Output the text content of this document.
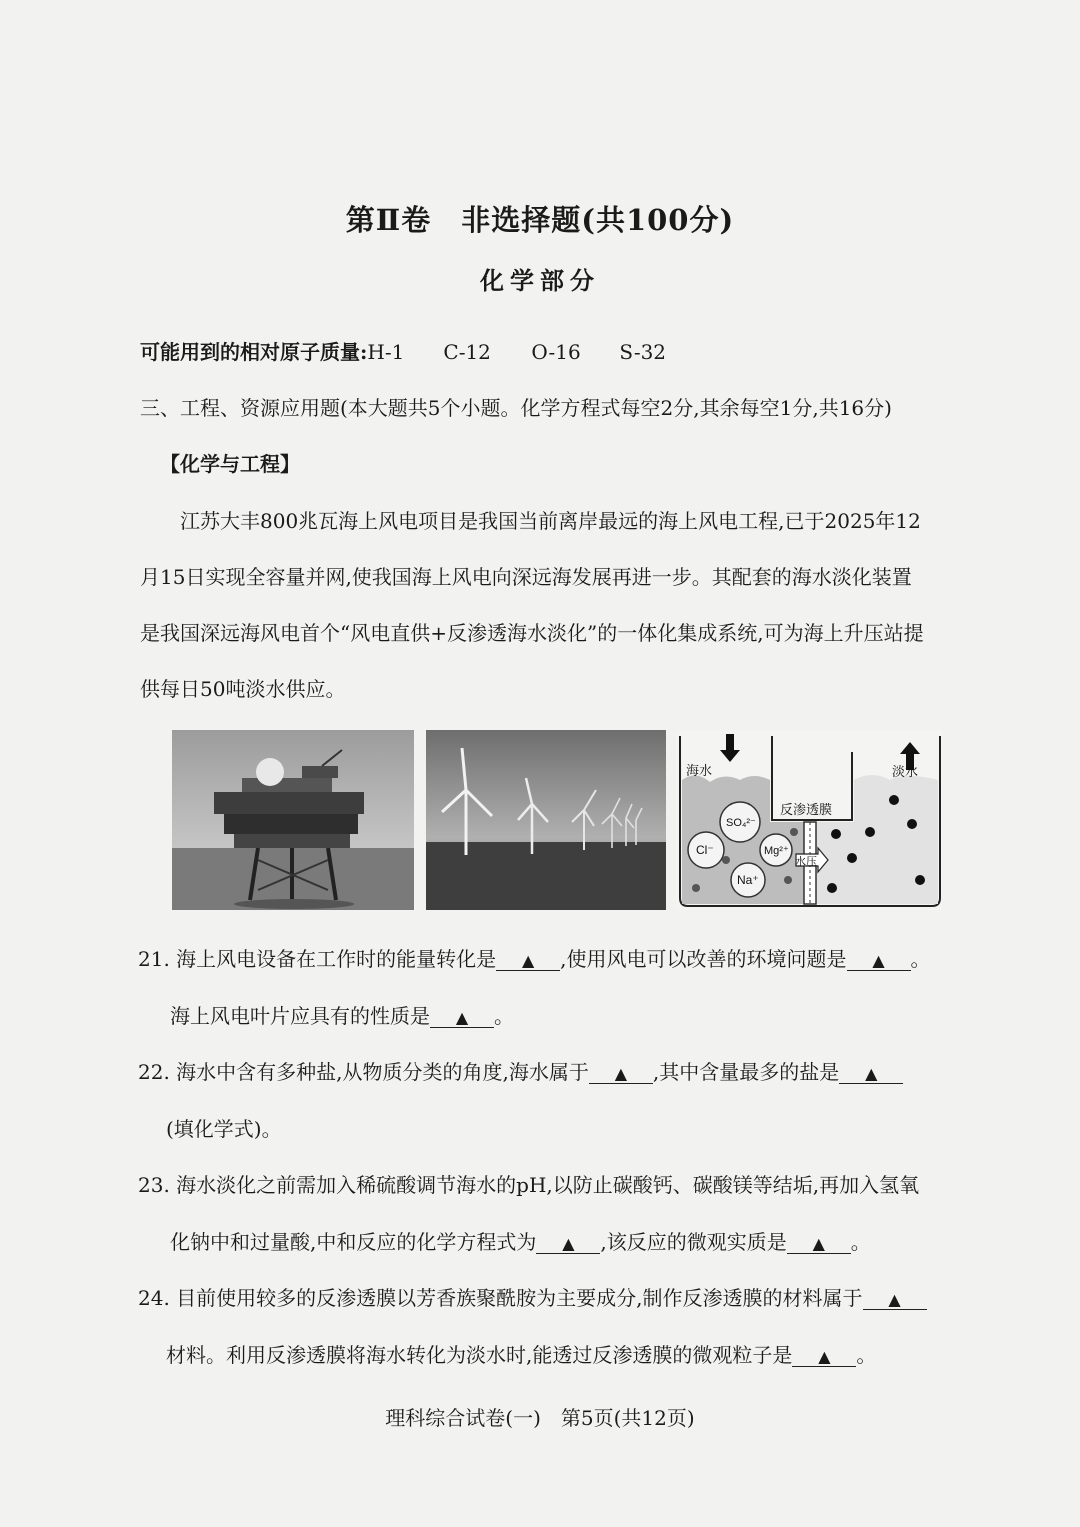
第Ⅱ卷　非选择题(共100分)
化学部分
可能用到的相对原子质量:H-1 C-12 O-16 S-32
三、工程、资源应用题(本大题共5个小题。化学方程式每空2分,其余每空1分,共16分)
【化学与工程】
江苏大丰800兆瓦海上风电项目是我国当前离岸最远的海上风电工程,已于2025年12
月15日实现全容量并网,使我国海上风电向深远海发展再进一步。其配套的海水淡化装置
是我国深远海风电首个“风电直供+反渗透海水淡化”的一体化集成系统,可为海上升压站提
供每日50吨淡水供应。
海水	淡水
反渗透膜
水压
SO₄²⁻
Cl⁻	Mg²⁺
Na⁺
21. 海上风电设备在工作时的能量转化是 ▲ ,使用风电可以改善的环境问题是 ▲ 。
海上风电叶片应具有的性质是 ▲ 。
22. 海水中含有多种盐,从物质分类的角度,海水属于 ▲ ,其中含量最多的盐是 ▲
(填化学式)。
23. 海水淡化之前需加入稀硫酸调节海水的pH,以防止碳酸钙、碳酸镁等结垢,再加入氢氧
化钠中和过量酸,中和反应的化学方程式为 ▲ ,该反应的微观实质是 ▲ 。
24. 目前使用较多的反渗透膜以芳香族聚酰胺为主要成分,制作反渗透膜的材料属于 ▲
材料。利用反渗透膜将海水转化为淡水时,能透过反渗透膜的微观粒子是 ▲ 。
理科综合试卷(一)　第5页(共12页)
